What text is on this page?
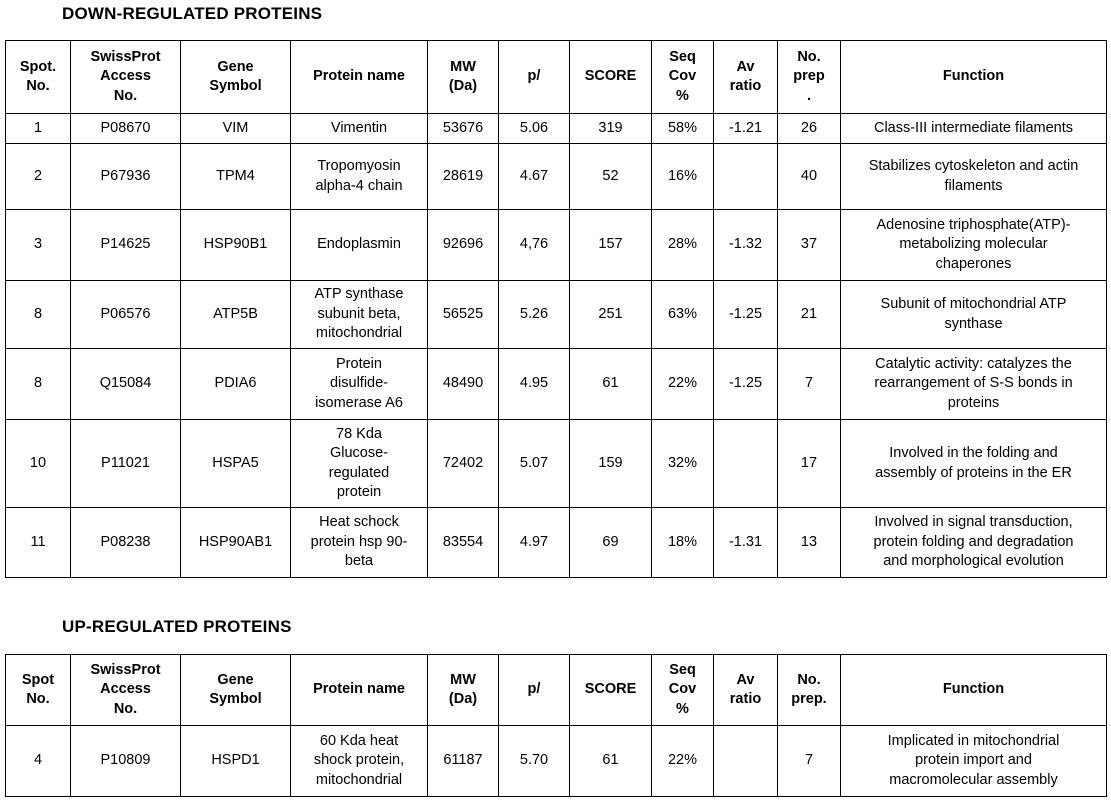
DOWN-REGULATED PROTEINS
Spot.
No.	SwissProt
Access
No.	Gene
Symbol	Protein name	MW
(Da)	p/	SCORE	Seq
Cov
%	Av
ratio	No.
prep
.	Function
1	P08670	VIM	Vimentin	53676	5.06	319	58%	-1.21	26	Class-III intermediate filaments
2	P67936	TPM4	Tropomyosin
alpha-4 chain	28619	4.67	52	16%		40	Stabilizes cytoskeleton and actin
filaments
3	P14625	HSP90B1	Endoplasmin	92696	4,76	157	28%	-1.32	37	Adenosine triphosphate(ATP)-
metabolizing molecular
chaperones
8	P06576	ATP5B	ATP synthase
subunit beta,
mitochondrial	56525	5.26	251	63%	-1.25	21	Subunit of mitochondrial ATP
synthase
8	Q15084	PDIA6	Protein
disulfide-
isomerase A6	48490	4.95	61	22%	-1.25	7	Catalytic activity: catalyzes the
rearrangement of S-S bonds in
proteins
10	P11021	HSPA5	78 Kda
Glucose-
regulated
protein	72402	5.07	159	32%		17	Involved in the folding and
assembly of proteins in the ER
11	P08238	HSP90AB1	Heat schock
protein hsp 90-
beta	83554	4.97	69	18%	-1.31	13	Involved in signal transduction,
protein folding and degradation
and morphological evolution
UP-REGULATED PROTEINS
Spot
No.	SwissProt
Access
No.	Gene
Symbol	Protein name	MW
(Da)	p/	SCORE	Seq
Cov
%	Av
ratio	No.
prep.	Function
4	P10809	HSPD1	60 Kda heat
shock protein,
mitochondrial	61187	5.70	61	22%		7	Implicated in mitochondrial
protein import and
macromolecular assembly
